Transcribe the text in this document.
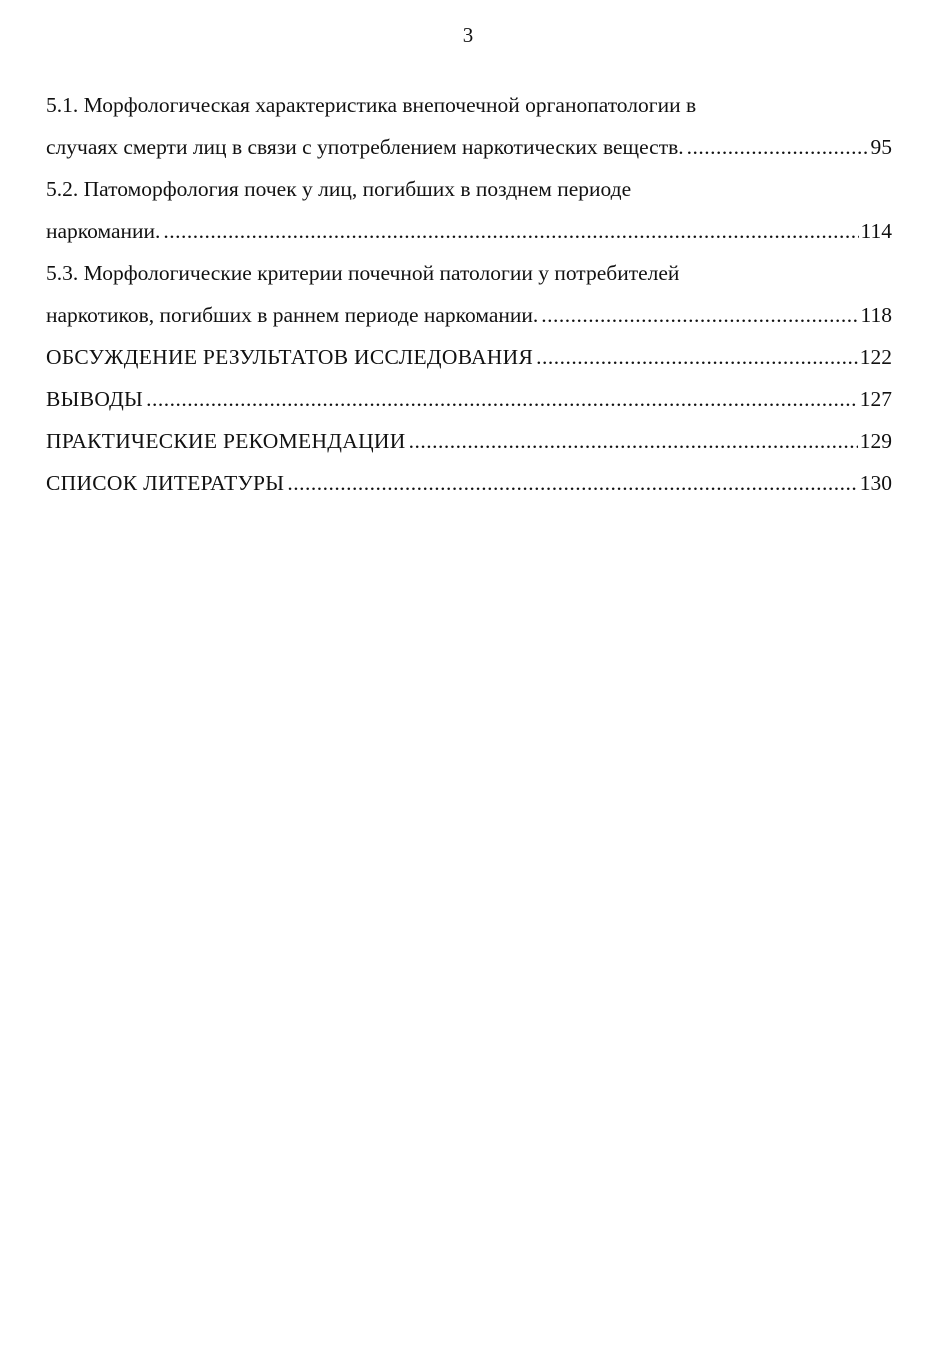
3
5.1. Морфологическая характеристика внепочечной органопатологии в
случаях смерти лиц в связи с употреблением наркотических веществ. .....	95
5.2. Патоморфология почек у лиц, погибших в позднем периоде
наркомании. .....	114
5.3. Морфологические критерии почечной патологии у потребителей
наркотиков, погибших в раннем периоде наркомании. .....	118
ОБСУЖДЕНИЕ РЕЗУЛЬТАТОВ ИССЛЕДОВАНИЯ .....	122
ВЫВОДЫ .....	127
ПРАКТИЧЕСКИЕ РЕКОМЕНДАЦИИ .....	129
СПИСОК ЛИТЕРАТУРЫ .....	130
